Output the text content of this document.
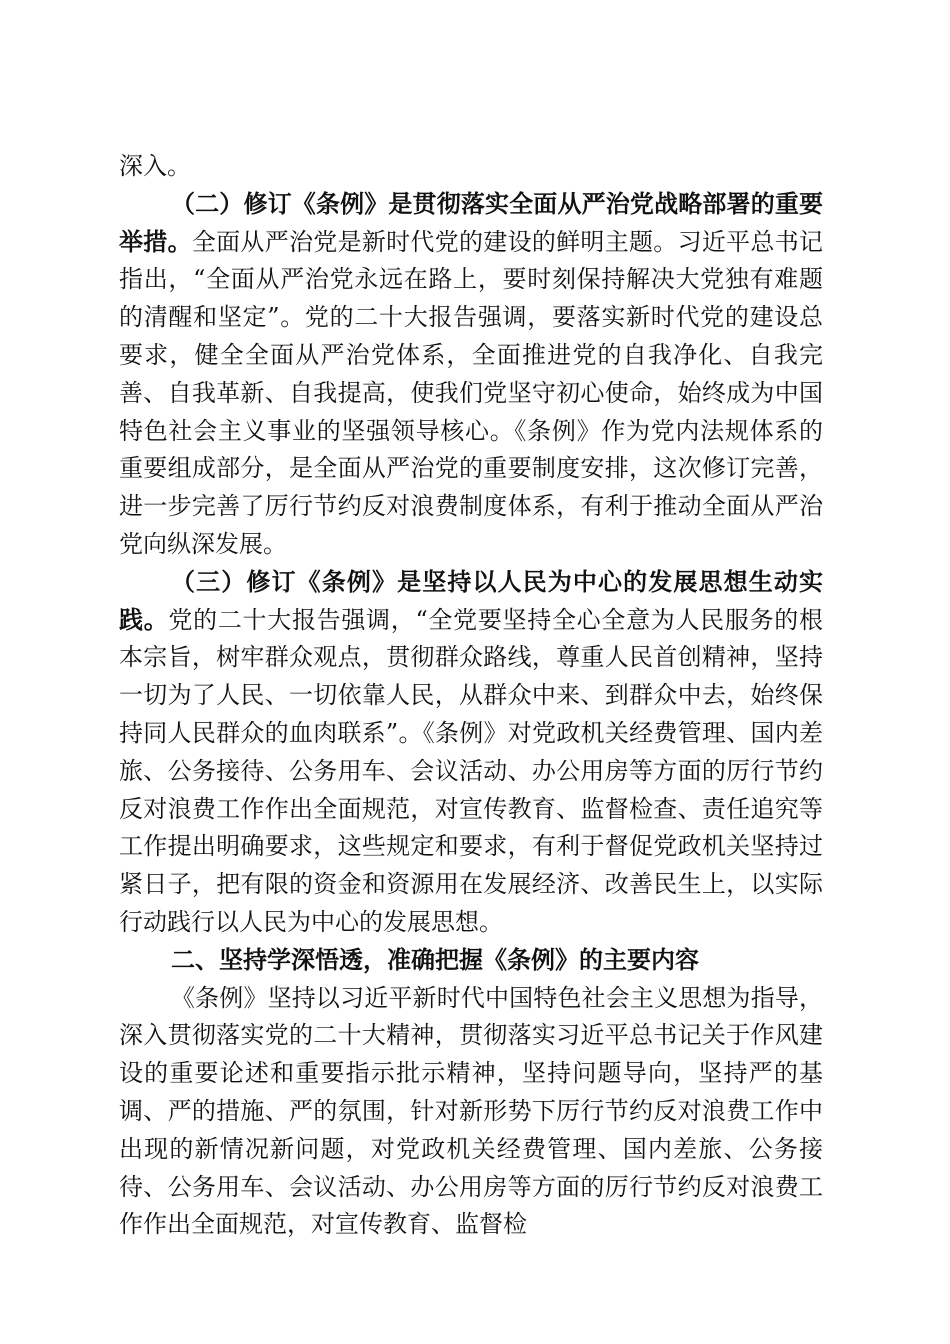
深入。

（二）修订《条例》是贯彻落实全面从严治党战略部署的重要举措。全面从严治党是新时代党的建设的鲜明主题。习近平总书记指出，“全面从严治党永远在路上，要时刻保持解决大党独有难题的清醒和坚定”。党的二十大报告强调，要落实新时代党的建设总要求，健全全面从严治党体系，全面推进党的自我净化、自我完善、自我革新、自我提高，使我们党坚守初心使命，始终成为中国特色社会主义事业的坚强领导核心。《条例》作为党内法规体系的重要组成部分，是全面从严治党的重要制度安排，这次修订完善，进一步完善了厉行节约反对浪费制度体系，有利于推动全面从严治党向纵深发展。

（三）修订《条例》是坚持以人民为中心的发展思想生动实践。党的二十大报告强调，“全党要坚持全心全意为人民服务的根本宗旨，树牢群众观点，贯彻群众路线，尊重人民首创精神，坚持一切为了人民、一切依靠人民，从群众中来、到群众中去，始终保持同人民群众的血肉联系”。《条例》对党政机关经费管理、国内差旅、公务接待、公务用车、会议活动、办公用房等方面的厉行节约反对浪费工作作出全面规范，对宣传教育、监督检查、责任追究等工作提出明确要求，这些规定和要求，有利于督促党政机关坚持过紧日子，把有限的资金和资源用在发展经济、改善民生上，以实际行动践行以人民为中心的发展思想。

二、坚持学深悟透，准确把握《条例》的主要内容

《条例》坚持以习近平新时代中国特色社会主义思想为指导，深入贯彻落实党的二十大精神，贯彻落实习近平总书记关于作风建设的重要论述和重要指示批示精神，坚持问题导向，坚持严的基调、严的措施、严的氛围，针对新形势下厉行节约反对浪费工作中出现的新情况新问题，对党政机关经费管理、国内差旅、公务接待、公务用车、会议活动、办公用房等方面的厉行节约反对浪费工作作出全面规范，对宣传教育、监督检
